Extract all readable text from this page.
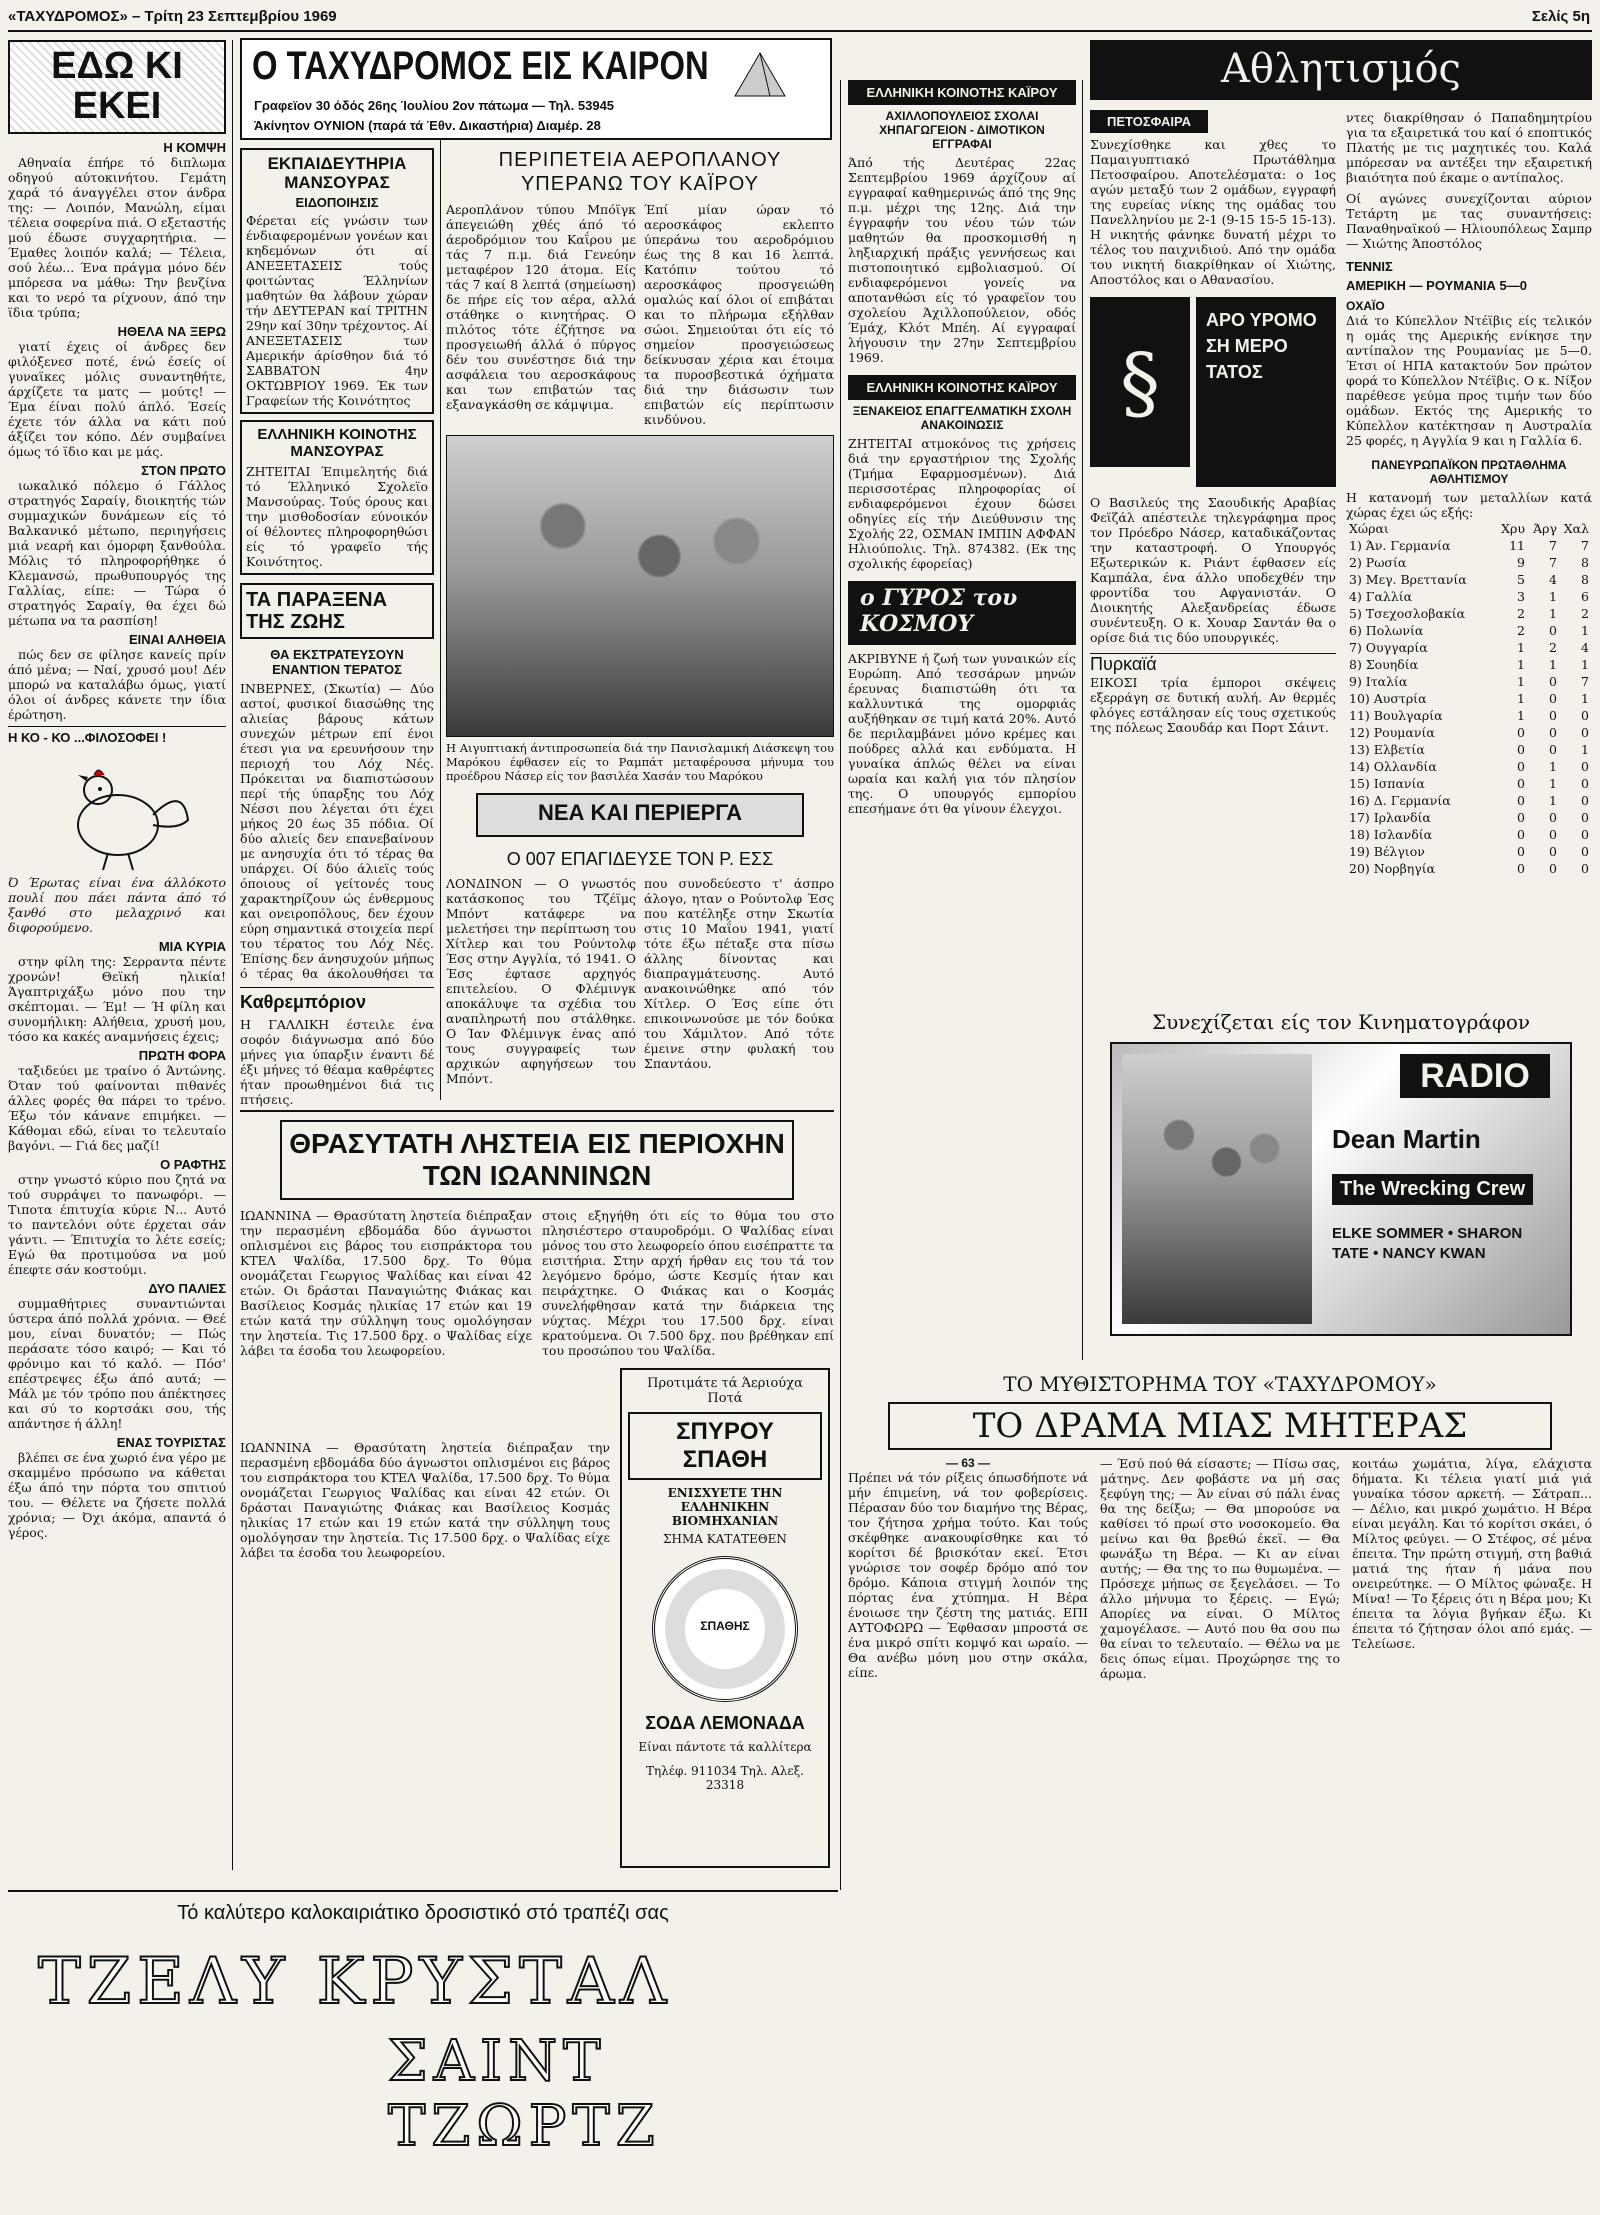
«ΤΑΧΥΔΡΟΜΟΣ» – Τρίτη 23 Σεπτεμβρίου 1969	Σελίς 5η
ΕΔΩ ΚΙ ΕΚΕΙ
Η ΚΟΜΨΗ

Αθηναία έπήρε τό διπλωμα οδηγού αύτοκινήτου. Γεμάτη χαρά τό άναγγέλει στον άνδρα της: — Λοιπόν, Μανώλη, είμαι τέλεια σοφερίνα πιά. Ο εξεταστής μού έδωσε συγχαρητήρια. — Έμαθες λοιπόν καλά; — Τέλεια, σού λέω... Ένα πράγμα μόνο δέν μπόρεσα να μάθω: Την βενζίνα και το νερό τα ρίχνουν, άπό την ϊδια τρύπα;

ΗΘΕΛΑ ΝΑ ΞΕΡΩ

γιατί έχεις οί άνδρες δεν φιλόξενεσ ποτέ, ένώ έσείς οί γυναϊκες μόλις συναντηθήτε, άρχίζετε τα ματς — μούτς! — Έμα έίναι πολύ άπλό. Έσείς έχετε τόν άλλα να κάτι πού άξίζει τον κόπο. Δέν συμβαίνει όμως τό ϊδιο και με μάς.

ΣΤΟΝ ΠΡΩΤΟ

ιωκαλικό πόλεμο ό Γάλλος στρατηγός Σαραίγ, διοικητής τών συμμαχικών δυνάμεων είς τό Βαλκανικό μέτωπο, περιηγήσεις μιά νεαρή και όμορφη ξανθούλα. Μόλις τό πληροφορήθηκε ό Κλεμανσώ, πρωθυπουργός της Γαλλίας, είπε: — Τώρα ό στρατηγός Σαραίγ, θα έχει δώ μέτωπα να τα ρασπίση!

ΕΙΝΑΙ ΑΛΗΘΕΙΑ

πώς δεν σε φίλησε κανείς πρίν άπό μένα; — Ναί, χρυσό μου! Δέν μπορώ να καταλάβω όμως, γιατί όλοι οί άνδρες κάνετε την ίδια έρώτηση.

Η ΚΟ - ΚΟ ...ΦΙΛΟΣΟΦΕΙ !

Ό Έρωτας είναι ένα άλλόκοτο πουλί που πάει πάντα άπό τό ξανθό στο μελαχρινό και διφορούμενο.

ΜΙΑ ΚΥΡΙΑ

στην φίλη της: Σερραντα πέντε χρονών! Θεϊκή ηλικία! Άγαπτριχάξω μόνο που την σκέπτομαι. — Έμ! — Ή φίλη και συνομήλικη: Αλήθεια, χρυσή μου, τόσο κα κακές αναμνήσεις έχεις;

ΠΡΩΤΗ ΦΟΡΑ

ταξιδεύει με τραίνο ό Άντώνης. Όταν τού φαίνονται πιθανές άλλες φορές θα πάρει το τρένο. Έξω τόν κάνανε επιμήκει. — Κάθομαι εδώ, είναι το τελευταίο βαγόνι. — Γιά δες μαζί!

Ο ΡΑΦΤΗΣ

στην γνωστό κύριο που ζητά να τού συρράψει το πανωφόρι. — Τιποτα έπιτυχία κύριε Ν... Αυτό το παντελόνι ούτε έρχεται σάν γάντι. — Έπιτυχία το λέτε εσείς; Εγώ θα προτιμούσα να μού έπεφτε σάν κοστούμι.

ΔΥΟ ΠΑΛΙΕΣ

συμμαθήτριες συναντιώνται ύστερα άπό πολλά χρόνια. — Θεέ μου, είναι δυνατόν; — Πώς περάσατε τόσο καιρό; — Και τό φρόνιμο και τό καλό. — Πόσ' επέστρεψες έξω άπό αυτά; — Μάλ με τόν τρόπο που άπέκτησες και σύ το κορτσάκι σου, τής απάντησε ή άλλη!

ΕΝΑΣ ΤΟΥΡΙΣΤΑΣ

βλέπει σε ένα χωριό ένα γέρο με σκαμμένο πρόσωπο να κάθεται έξω άπό την πόρτα του σπιτιού του. — Θέλετε να ζήσετε πολλά χρόνια; — Όχι άκόμα, απαντά ό γέρος.

Ο ΤΑΧΥΔΡΟΜΟΣ ΕΙΣ ΚΑΙΡΟΝ
Γραφεϊον 30 όδός 26ης Ίουλίου 2ον πάτωμα — Τηλ. 53945
Άκίνητον ΟΥΝΙΟΝ (παρά τά Έθν. Δικαστήρια) Διαμέρ. 28
ΕΚΠΑΙΔΕΥΤΗΡΙΑ ΜΑΝΣΟΥΡΑΣ
ΕΙΔΟΠΟΙΗΣΙΣ
Φέρεται είς γνώσιν των ένδιαφερομένων γονέων και κηδεμόνων ότι αί ΑΝΕΞΕΤΑΣΕΙΣ τούς φοιτώντας Έλληνίων μαθητών θα λάβουν χώραν τήν ΔΕΥΤΕΡΑΝ καί ΤΡΙΤΗΝ 29ην καί 30ην τρέχοντος. Αί ΑΝΕΞΕΤΑΣΕΙΣ των Αμερικήν άρίσθηον διά τό ΣΑΒΒΑΤΟΝ 4ην ΟΚΤΩΒΡΙΟΥ 1969. Έκ των Γραφείων τής Κοινότητος
ΕΛΛΗΝΙΚΗ ΚΟΙΝΟΤΗΣ ΜΑΝΣΟΥΡΑΣ
ΖΗΤΕΙΤΑΙ Έπιμελητής διά τό Έλληνικό Σχολεϊο Μανσούρας. Τούς όρους και την μισθοδοσίαν εύνοικόν οί θέλοντες πληροφορηθώσι είς τό γραφεϊο τής Κοινότητος.
ΤΑ ΠΑΡΑΞΕΝΑ ΤΗΣ ΖΩΗΣ
ΘΑ ΕΚΣΤΡΑΤΕΥΣΟΥΝ ΕΝΑΝΤΙΟΝ ΤΕΡΑΤΟΣ
ΙΝΒΕΡΝΕΣ, (Σκωτία) — Δύο αστοί, φυσικοί διασώθης της αλιείας βάρους κάτων συνεχών μέτρων επί ένοι έτεσι για να ερευνήσουν την περιοχή του Λόχ Νές. Πρόκειται να διαπιστώσουν περί τής ύπαρξης του Λόχ Νέσσι που λέγεται ότι έχει μήκος 20 έως 35 πόδια. Οί δύο αλιείς δεν επανεβαίνουν με ανησυχία ότι τό τέρας θα υπάρχει. Οί δύο άλιεϊς τούς όποιους οί γείτονές τους χαρακτηρίζουν ώς ένθερμους και ονειροπόλους, δεν έχουν εύρη σημαντικά στοιχεία περί του τέρατος του Λόχ Νές. Έπίσης δεν άνησυχούν μήπως ό τέρας θα άκολουθήσει τα
Καθρεμπόριον
Η ΓΑΛΛΙΚΗ έστειλε ένα σοφόν διάγνωσμα από δύο μήνες για ύπαρξιν έναντι δέ έξι μήνες τό θέαμα καθρέφτες ήταν προωθημένοι διά τις πτήσεις.
ΠΕΡΙΠΕΤΕΙΑ ΑΕΡΟΠΛΑΝΟΥ ΥΠΕΡΑΝΩ ΤΟΥ ΚΑΪΡΟΥ
Αεροπλάνον τύπου Μπόϊγκ άπεγειώθη χθές άπό τό άεροδρόμιον του Καΐρου με τάς 7 π.μ. διά Γενεύην μεταφέρον 120 άτομα. Είς τάς 7 καί 8 λεπτά (σημείωση) δε πήρε είς τον αέρα, αλλά στάθηκε ο κινητήρας. Ο πιλότος τότε έζήτησε να προσγειωθή άλλά ό πύργος δέν του συνέστησε διά την ασφάλεια του αεροσκάφους και των επιβατών τας εξαναγκάσθη σε κάμψιμα.
Έπί μίαν ώραν τό αεροσκάφος εκλεπτο ύπεράνω του αεροδρόμιου έως της 8 και 16 λεπτά. Κατόπιν τούτου τό αεροσκάφος προσγειώθη ομαλώς καί όλοι οί επιβάται και το πλήρωμα εξήλθαν σώοι. Σημειούται ότι είς τό σημείον προσγειώσεως δείκνυσαν χέρια και έτοιμα τα πυροσβεστικά όχήματα διά την διάσωσιν των επιβατών είς περίπτωσιν κινδύνου.
Η Αιγυπτιακή άντιπροσωπεία διά την Πανισλαμική Διάσκεψη του Μαρόκου έφθασεν είς το Ραμπάτ μεταφέρουσα μήνυμα του προέδρου Νάσερ είς τον βασιλέα Χασάν του Μαρόκου
ΝΕΑ ΚΑΙ ΠΕΡΙΕΡΓΑ
Ο 007 ΕΠΑΓΙΔΕΥΣΕ ΤΟΝ Ρ. ΕΣΣ
ΛΟΝΔΙΝΟΝ — Ο γνωστός κατάσκοπος του Τζέϊμς Μπόντ κατάφερε να μελετήσει την περίπτωση του Χίτλερ και του Ρούντολφ Έσς στην Αγγλία, τό 1941. Ο Έσς έφτασε αρχηγός επιτελείου. Ο Φλέμινγκ αποκάλυψε τα σχέδια του αναπληρωτή που στάλθηκε. Ο Ίαν Φλέμινγκ ένας από τους συγγραφείς των αρχικών αφηγήσεων του Μπόντ.
που συνοδεύεστο τ' άσπρο άλογο, ηταν ο Ρούντολφ Έσς που κατέληξε στην Σκωτία στις 10 Μαΐου 1941, γιατί τότε έξω πέταξε στα πίσω άλλης δίνοντας και διαπραγμάτευσης. Αυτό ανακοινώθηκε από τόν Χίτλερ. Ο Έσς είπε ότι επικοινωνούσε με τόν δούκα του Χάμιλτον. Από τότε έμεινε στην φυλακή του Σπαντάου.
ΘΡΑΣΥΤΑΤΗ ΛΗΣΤΕΙΑ ΕΙΣ ΠΕΡΙΟΧΗΝ ΤΩΝ ΙΩΑΝΝΙΝΩΝ
ΙΩΑΝΝΙΝΑ — Θρασύτατη ληστεία διέπραξαν την περασμένη εβδομάδα δύο άγνωστοι οπλισμένοι εις βάρος του εισπράκτορα του ΚΤΕΛ Ψαλίδα, 17.500 δρχ. Το θύμα ονομάζεται Γεωργιος Ψαλίδας και είναι 42 ετών. Οι δράσται Παναγιώτης Φιάκας και Βασίλειος Κοσμάς ηλικίας 17 ετών και 19 ετών κατά την σύλληψη τους ομολόγησαν την ληστεία. Τις 17.500 δρχ. ο Ψαλίδας είχε λάβει τα έσοδα του λεωφορείου.
στοις εξηγήθη ότι είς το θύμα του στο πλησιέστερο σταυροδρόμι. Ο Ψαλίδας είναι μόνος του στο λεωφορείο όπου εισέπραττε τα εισιτήρια. Στην αρχή ήρθαν εις του τά τον λεγόμενο δρόμο, ώστε Κεσμίς ήταν και πειράχτηκε. Ο Φιάκας και ο Κοσμάς συνελήφθησαν κατά την διάρκεια της νύχτας. Μέχρι του 17.500 δρχ. είναι κρατούμενα. Οι 7.500 δρχ. που βρέθηκαν επί του προσώπου του Ψαλίδα.
ΕΛΛΗΝΙΚΗ ΚΟΙΝΟΤΗΣ ΚΑΪΡΟΥ
ΑΧΙΛΛΟΠΟΥΛΕΙΟΣ ΣΧΟΛΑΙ ΧΗΠΑΓΩΓΕΙΟΝ - ΔΙΜΟΤΙΚΟΝ ΕΓΓΡΑΦΑΙ
Άπό τής Δευτέρας 22ας Σεπτεμβρίου 1969 άρχίζουν αί εγγραφαί καθημερινώς άπό της 9ης π.μ. μέχρι της 12ης. Διά την έγγραφήν του νέου τών τών μαθητών θα προσκομισθή η ληξιαρχική πράξις γεννήσεως και πιστοποιητικό εμβολιασμού. Οί ενδιαφερόμενοι γονείς να αποτανθώσι είς τό γραφεϊον του σχολείου Άχιλλοπούλειον, οδός Έμάχ, Κλότ Μπέη. Αί εγγραφαί λήγουσιν την 27ην Σεπτεμβρίου 1969.
ΕΛΛΗΝΙΚΗ ΚΟΙΝΟΤΗΣ ΚΑΪΡΟΥ
ΞΕΝΑΚΕΙΟΣ ΕΠΑΓΓΕΛΜΑΤΙΚΗ ΣΧΟΛΗ ΑΝΑΚΟΙΝΩΣΙΣ
ΖΗΤΕΙΤΑΙ ατμοκόνος τις χρήσεις διά την εργαστήριον της Σχολής (Τμήμα Εφαρμοσμένων). Διά περισσοτέρας πληροφορίας οί ενδιαφερόμενοι έχουν δώσει οδηγίες είς τήν Διεύθυνσιν της Σχολής 22, ΟΣΜΑΝ ΙΜΠΙΝ ΑΦΦΑΝ Ηλιούπολις. Τηλ. 874382. (Εκ της σχολικής έφορείας)
ο ΓΥΡΟΣ του ΚΟΣΜΟΥ
ΑΚΡΙΒΥΝΕ ή ζωή των γυναικών είς Ευρώπη. Από τεσσάρων μηνών έρευνας διαπιστώθη ότι τα καλλυντικά της ομορφιάς αυξήθηκαν σε τιμή κατά 20%. Αυτό δε περιλαμβάνει μόνο κρέμες και πούδρες αλλά και ενδύματα. Η γυναίκα άπλώς θέλει να είναι ωραία και καλή για τόν πλησίον της. Ο υπουργός εμπορίου επεσήμανε ότι θα γίνουν έλεγχοι.
Προτιμάτε τά Άεριούχα Ποτά
ΣΠΥΡΟΥ ΣΠΑΘΗ
ΕΝΙΣΧΥΕΤΕ ΤΗΝ ΕΛΛΗΝΙΚΗΝ ΒΙΟΜΗΧΑΝΙΑΝ
ΣΗΜΑ ΚΑΤΑΤΕΘΕΝ
ΣΠΑΘΗΣ
ΣΟΔΑ ΛΕΜΟΝΑΔΑ
Είναι πάντοτε τά καλλίτερα
Τηλέφ. 911034 Τηλ. Αλεξ. 23318
ΙΩΑΝΝΙΝΑ — Θρασύτατη ληστεία διέπραξαν την περασμένη εβδομάδα δύο άγνωστοι οπλισμένοι εις βάρος του εισπράκτορα του ΚΤΕΛ Ψαλίδα, 17.500 δρχ. Το θύμα ονομάζεται Γεωργιος Ψαλίδας και είναι 42 ετών. Οι δράσται Παναγιώτης Φιάκας και Βασίλειος Κοσμάς ηλικίας 17 ετών και 19 ετών κατά την σύλληψη τους ομολόγησαν την ληστεία. Τις 17.500 δρχ. ο Ψαλίδας είχε λάβει τα έσοδα του λεωφορείου.
Αθλητισμός
ΠΕΤΟΣΦΑΙΡΑ
Συνεχίσθηκε και χθες το Παμαιγυπτιακό Πρωτάθλημα Πετοσφαίρου. Αποτελέσματα: ο 1ος αγών μεταξύ των 2 ομάδων, εγγραφή της ευρείας νίκης της ομάδας του Πανελληνίου με 2-1 (9-15 15-5 15-13). Η νικητής φάνηκε δυνατή μέχρι το τέλος του παιχνιδιού. Από την ομάδα του νικητή διακρίθηκαν οί Χιώτης, Αποστόλος και ο Αθανασίου.
§
ΑΡΟ ΥΡΟΜΟ ΣΗ ΜΕΡΟ ΤΑΤΟΣ
Ο Βασιλεύς της Σαουδικής Αραβίας Φεϊζάλ απέστειλε τηλεγράφημα προς τον Πρόεδρο Νάσερ, καταδικάζοντας την καταστροφή. Ο Υπουργός Εξωτερικών κ. Ριάντ έφθασεν είς Καμπάλα, ένα άλλο υποδεχθέν την φροντίδα του Αφγανιστάν. Ο Διοικητής Αλεξανδρείας έδωσε συνέντευξη. Ο κ. Χουαρ Σαντάν θα ο ορίσε διά τις δύο υπουργικές.
Πυρκαϊά
ΕΙΚΟΣΙ τρία έμποροι σκέψεις εξερράγη σε δυτική αυλή. Αν θερμές φλόγες εστάλησαν είς τους σχετικούς της πόλεως Σαουδάρ και Πορτ Σάιντ.
ντες διακρίθησαν ό Παπαδημητρίου για τα εξαιρετικά του καί ό εποπτικός Πλατής με τις μαχητικές του. Καλά μπόρεσαν να αντέξει την εξαιρετική βιαιότητα πού έκαμε ο αντίπαλος.
Οί αγώνες συνεχίζονται αύριον Τετάρτη με τας συναντήσεις: Παναθηναϊκού — Ηλιουπόλεως Σαμπρ — Χιώτης Άποστόλος
ΤΕΝΝΙΣ
ΑΜΕΡΙΚΗ — ΡΟΥΜΑΝΙΑ 5—0
ΟΧΑΪΟ
Διά το Κύπελλον Ντέϊβις είς τελικόν η ομάς της Αμερικής ενίκησε την αντίπαλον της Ρουμανίας με 5—0. Έτσι οί ΗΠΑ κατακτούν 5ον πρώτον φορά το Κύπελλον Ντέϊβις. Ο κ. Νίξον παρέθεσε γεύμα προς τιμήν των δύο ομάδων. Εκτός της Αμερικής το Κύπελλον κατέκτησαν η Αυστραλία 25 φορές, η Αγγλία 9 και η Γαλλία 6.
ΠΑΝΕΥΡΩΠΑΪΚΟΝ ΠΡΩΤΑΘΛΗΜΑ ΑΘΛΗΤΙΣΜΟΥ
Η κατανομή των μεταλλίων κατά χώρας έχει ώς εξής:
Χώραι	Χρυ	Άργ	Χαλ
1) Άν. Γερμανία	11	7	7
2) Ρωσία	9	7	8
3) Μεγ. Βρεττανία	5	4	8
4) Γαλλία	3	1	6
5) Τσεχοσλοβακία	2	1	2
6) Πολωνία	2	0	1
7) Ουγγαρία	1	2	4
8) Σουηδία	1	1	1
9) Ιταλία	1	0	7
10) Αυστρία	1	0	1
11) Βουλγαρία	1	0	0
12) Ρουμανία	0	0	0
13) Ελβετία	0	0	1
14) Ολλανδία	0	1	0
15) Ισπανία	0	1	0
16) Δ. Γερμανία	0	1	0
17) Ιρλανδία	0	0	0
18) Ισλανδία	0	0	0
19) Βέλγιον	0	0	0
20) Νορβηγία	0	0	0
Συνεχίζεται είς τον Κινηματογράφον
RADIO
Dean Martin
The Wrecking Crew
ELKE SOMMER • SHARON TATE • NANCY KWAN
ΤΟ ΜΥΘΙΣΤΟΡΗΜΑ ΤΟΥ «ΤΑΧΥΔΡΟΜΟΥ»
ΤΟ ΔΡΑΜΑ ΜΙΑΣ ΜΗΤΕΡΑΣ
— 63 —
Πρέπει νά τόν ρίξεις όπωσδήποτε νά μήν έπιμείνη, νά τον φοβερίσεις. Πέρασαν δύο τον διαμήνο της Βέρας, τον ζήτησα χρήμα τούτο. Και τούς σκέφθηκε ανακουφίσθηκε και τό κορίτσι δέ βρισκόταν εκεί. Έτσι γνώρισε τον σοφέρ δρόμο από τον δρόμο. Κάποια στιγμή λοιπόν της πόρτας ένα χτύπημα. Η Βέρα ένοιωσε την ζέστη της ματιάς. ΕΠΙ ΑΥΤΟΦΩΡΩ — Έφθασαν μπροστά σε ένα μικρό σπίτι κομψό και ωραίο. — Θα ανέβω μόνη μου στην σκάλα, είπε.
— Έσύ πού θά είσαστε; — Πίσω σας, μάτηνς. Δεν φοβάστε να μή σας ξεφύγη της; — Άν είναι σύ πάλι ένας θα της δείξω; — Θα μπορούσε να καθίσει τό πρωί στο νοσοκομείο. Θα μείνω και θα βρεθώ έκεϊ. — Θα φωνάξω τη Βέρα. — Κι αν είναι αυτής; — Θα της το πω θυμωμένα. — Πρόσεχε μήπως σε ξεγελάσει. — Το άλλο μήνυμα το ξέρεις. — Εγώ; Απορίες να είναι. Ο Μίλτος χαμογέλασε. — Αυτό που θα σου πω θα είναι το τελευταίο. — Θέλω να με δεις όπως είμαι. Προχώρησε της το άρωμα.
κοιτάω χωμάτια, λίγα, ελάχιστα δήματα. Κι τέλεια γιατί μιά γιά γυναίκα τόσον αρκετή. — Σάτραπ... — Δέλιο, και μικρό χωμάτιο. Η Βέρα είναι μεγάλη. Και τό κορίτσι σκάει, ό Μίλτος φεύγει. — Ο Στέφος, σέ μένα έπειτα. Την πρώτη στιγμή, στη βαθιά ματιά της ήταν ή μάνα που ονειρεύτηκε. — Ο Μίλτος φώναξε. Η Μίνα! — Το ξέρεις ότι η Βέρα μου; Κι έπειτα τα λόγια βγήκαν έξω. Κι έπειτα τό ζήτησαν όλοι από εμάς. — Τελείωσε.
Τό καλύτερο καλοκαιριάτικο δροσιστικό στό τραπέζι σας
ΤΖΕΛΥ ΚΡΥΣΤΑΛ
ΣΑΙΝΤ ΤΖΩΡΤΖ
